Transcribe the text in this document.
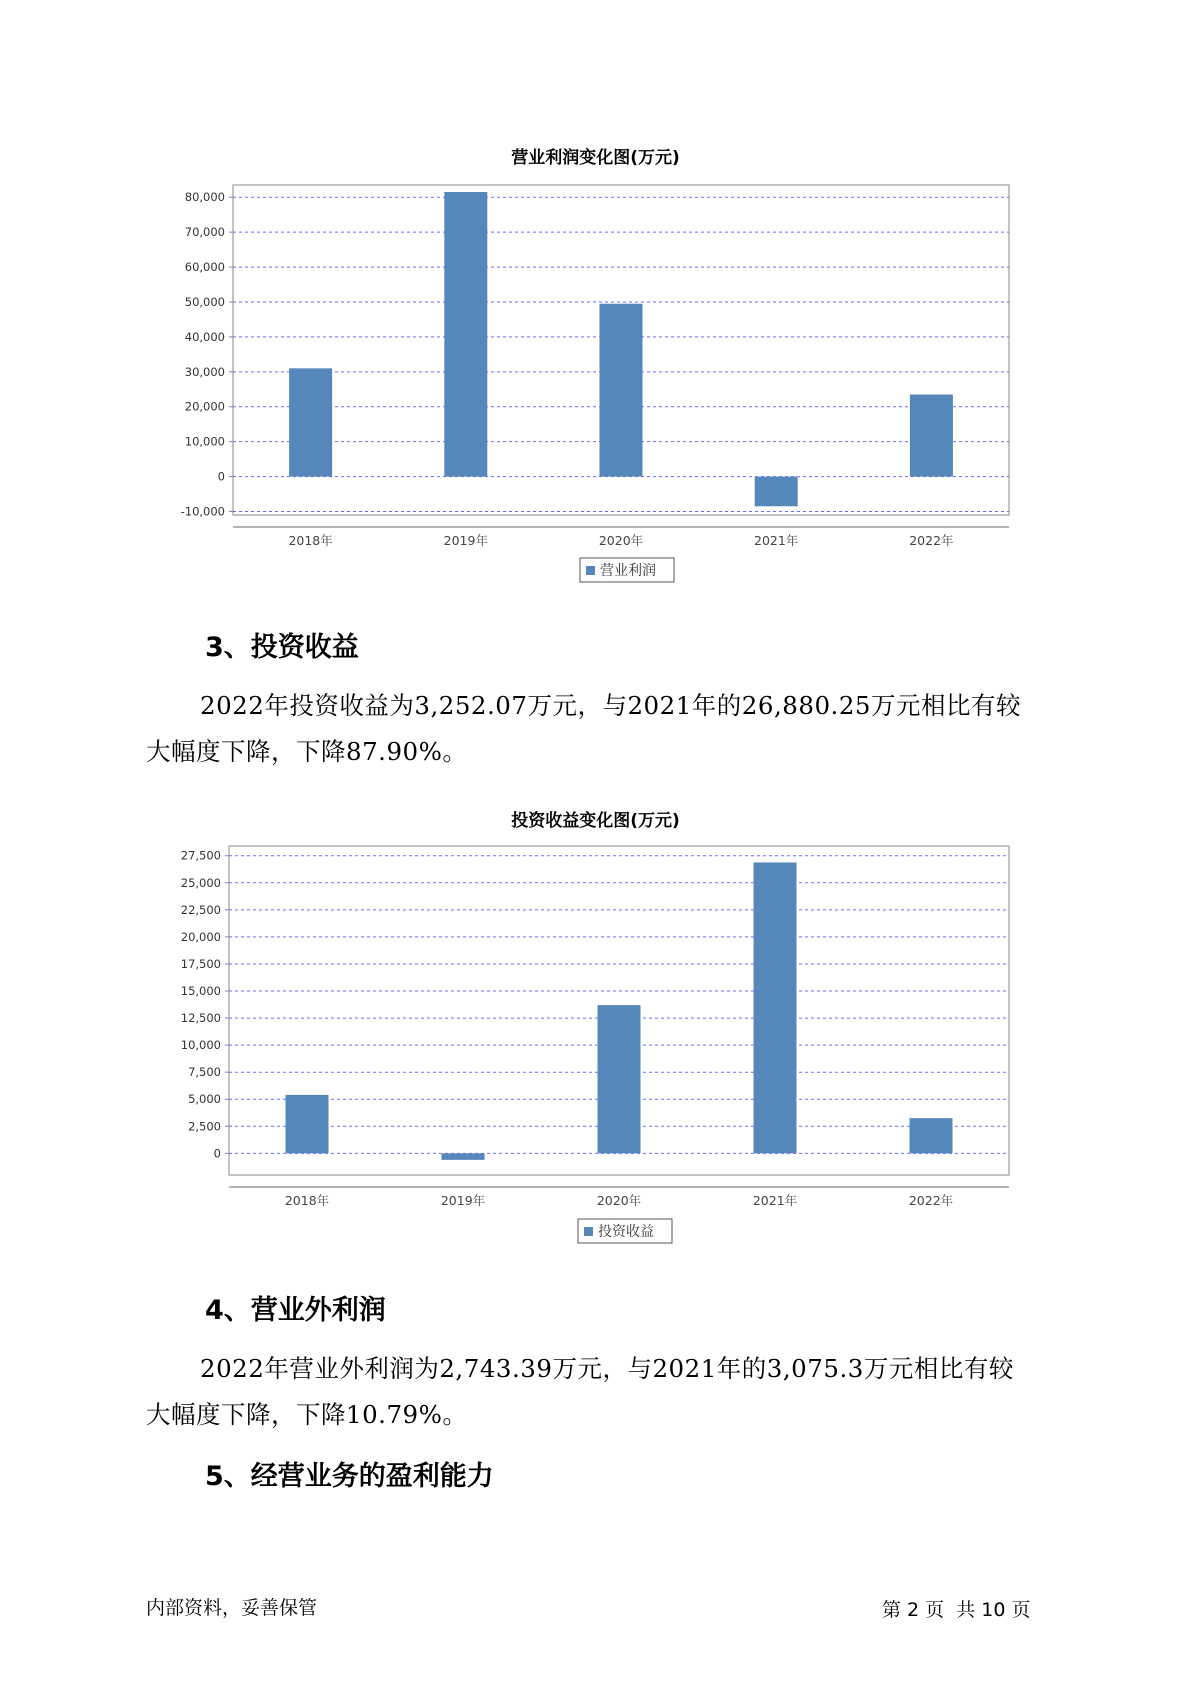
营业利润变化图(万元)
80,000
70,000
60,000
50,000
40,000
30,000
20,000
10,000
0
-10,000
2018年	2019年	2020年	2021年	2022年
营业利润
3、投资收益
2022年投资收益为3,252.07万元，与2021年的26,880.25万元相比有较
大幅度下降，下降87.90%。
投资收益变化图(万元)
27,500
25,000
22,500
20,000
17,500
15,000
12,500
10,000
7,500
5,000
2,500
0
2018年	2019年	2020年	2021年	2022年
投资收益
4、营业外利润
2022年营业外利润为2,743.39万元，与2021年的3,075.3万元相比有较
大幅度下降，下降10.79%。
5、经营业务的盈利能力
内部资料，妥善保管	第 2 页  共 10 页
